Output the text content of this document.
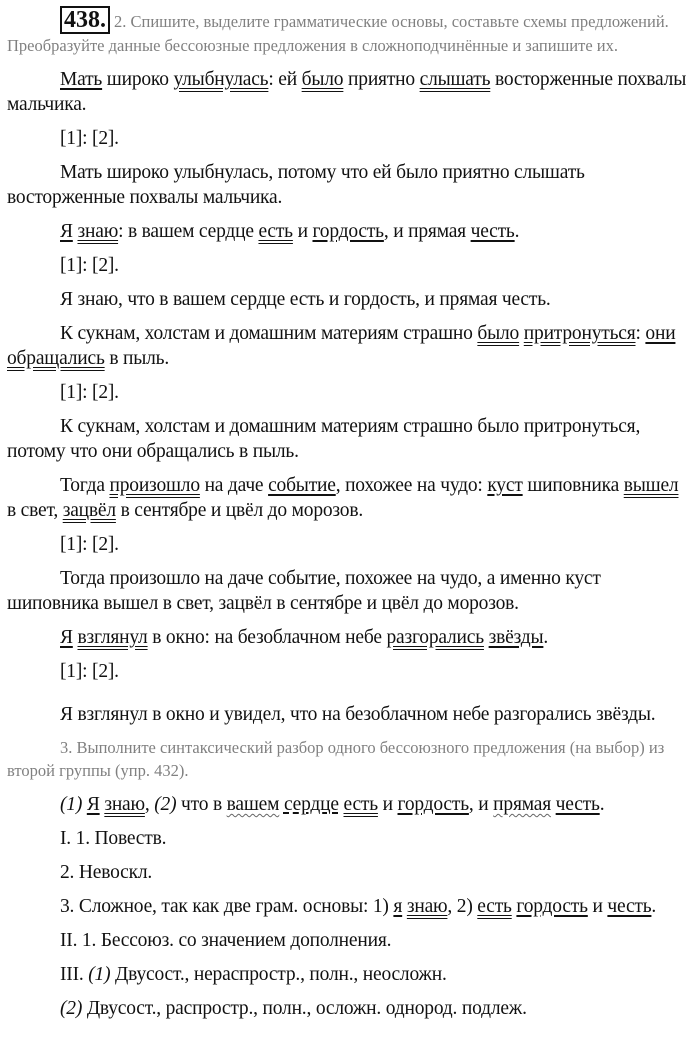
438. 2. Спишите, выделите грамматические основы, составьте схемы предложений. Преобразуйте данные бессоюзные предложения в сложноподчинённые и запишите их.

Мать широко улыбнулась: ей было приятно слышать восторженные похвалы мальчика.

[1]: [2].

Мать широко улыбнулась, потому что ей было приятно слышать восторженные похвалы мальчика.

Я знаю: в вашем сердце есть и гордость, и прямая честь.

[1]: [2].

Я знаю, что в вашем сердце есть и гордость, и прямая честь.

К сукнам, холстам и домашним материям страшно было притронуться: они обращались в пыль.

[1]: [2].

К сукнам, холстам и домашним материям страшно было притронуться, потому что они обращались в пыль.

Тогда произошло на даче событие, похожее на чудо: куст шиповника вышел в свет, зацвёл в сентябре и цвёл до морозов.

[1]: [2].

Тогда произошло на даче событие, похожее на чудо, а именно куст шиповника вышел в свет, зацвёл в сентябре и цвёл до морозов.

Я взглянул в окно: на безоблачном небе разгорались звёзды.

[1]: [2].

Я взглянул в окно и увидел, что на безоблачном небе разгорались звёзды.

3. Выполните синтаксический разбор одного бессоюзного предложения (на выбор) из второй группы (упр. 432).

(1) Я знаю, (2) что в вашем сердце есть и гордость, и прямая честь.

I. 1. Повеств.

2. Невоскл.

3. Сложное, так как две грам. основы: 1) я знаю, 2) есть гордость и честь.

II. 1. Бессоюз. со значением дополнения.

III. (1) Двусост., нераспростр., полн., неосложн.

(2) Двусост., распростр., полн., осложн. однород. подлеж.
